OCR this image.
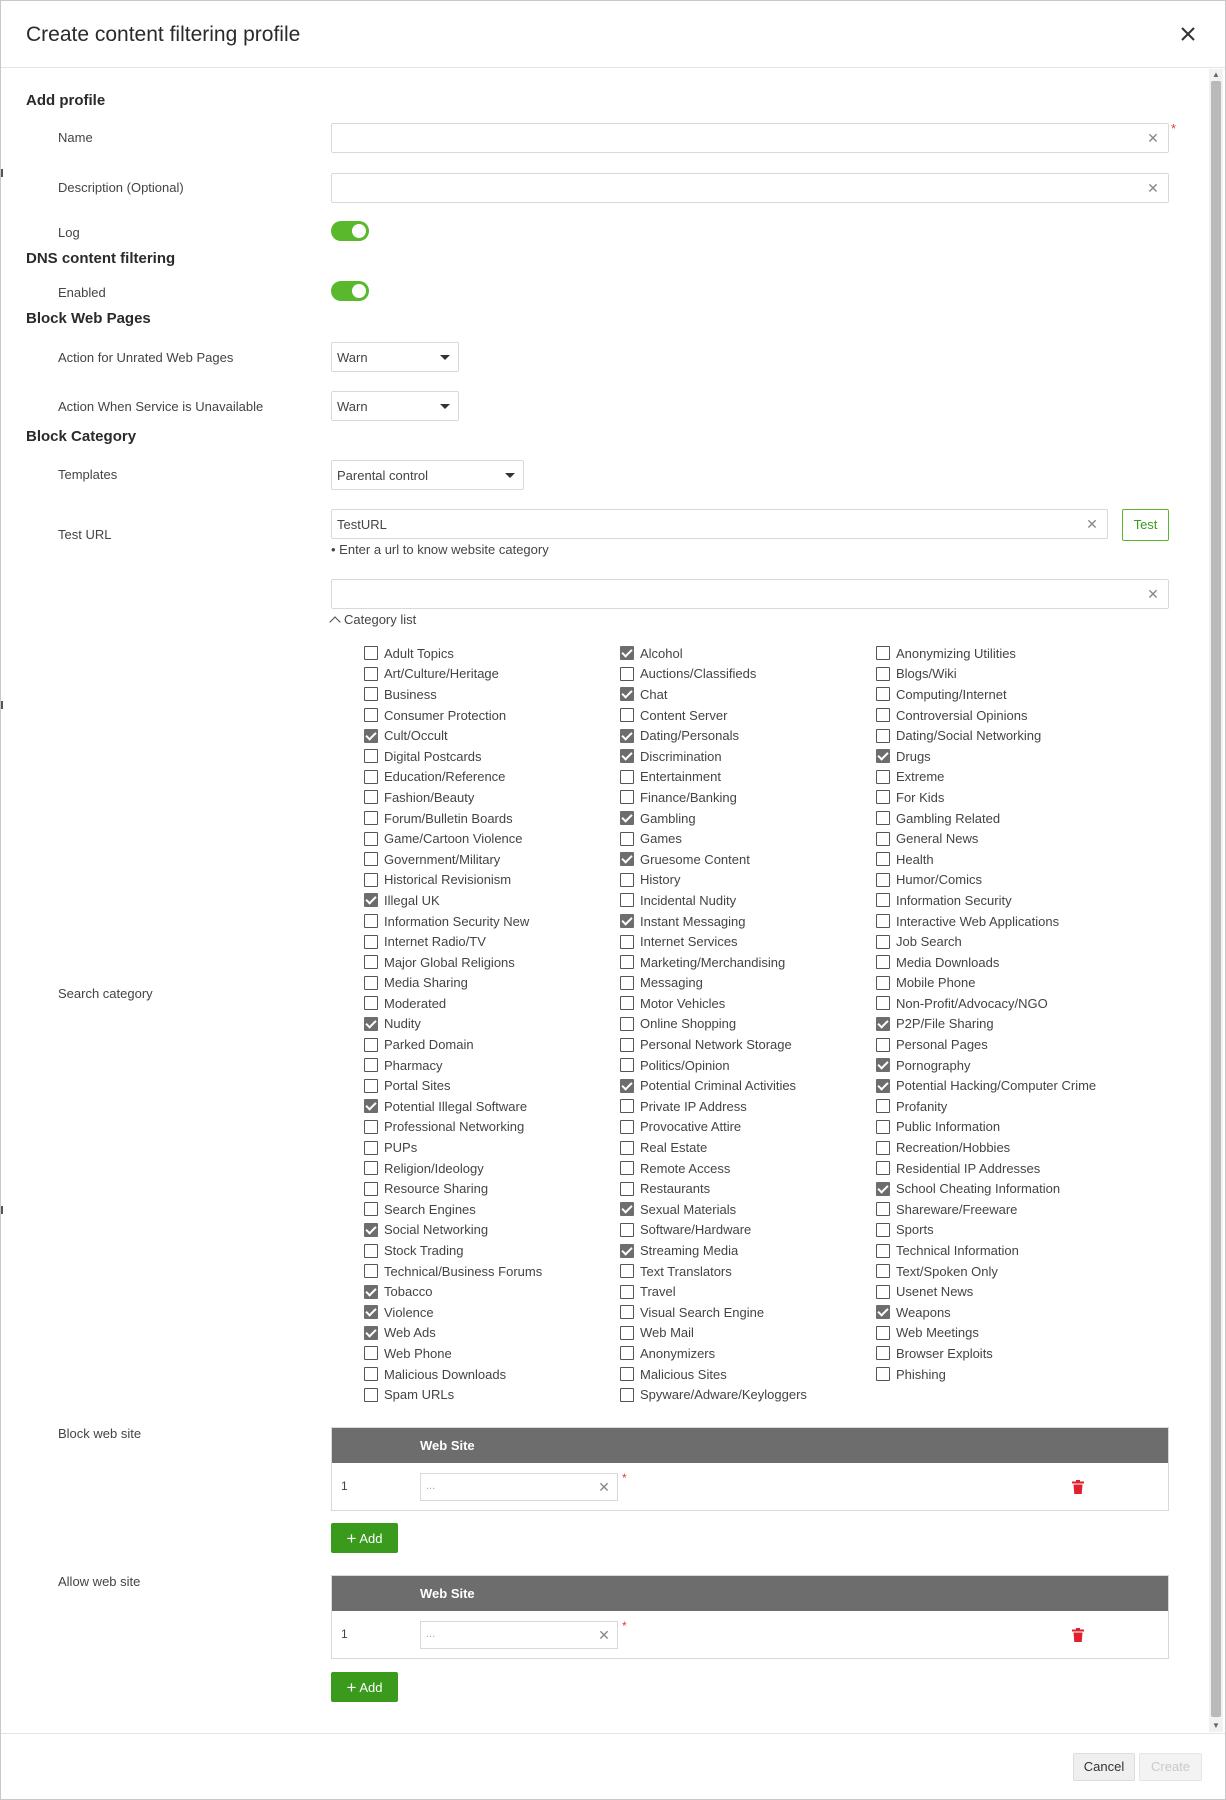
Create content filtering profile
Add profile
Name	✕
*
Description (Optional)	✕
Log
DNS content filtering
Enabled
Block Web Pages
Action for Unrated Web Pages	Warn
Action When Service is Unavailable	Warn
Block Category
Templates	Parental control
Test URL
TestURL	✕	Test
• Enter a url to know website category
✕
Category list
Search category
Adult Topics
Art/Culture/Heritage
Business
Consumer Protection
Cult/Occult
Digital Postcards
Education/Reference
Fashion/Beauty
Forum/Bulletin Boards
Game/Cartoon Violence
Government/Military
Historical Revisionism
Illegal UK
Information Security New
Internet Radio/TV
Major Global Religions
Media Sharing
Moderated
Nudity
Parked Domain
Pharmacy
Portal Sites
Potential Illegal Software
Professional Networking
PUPs
Religion/Ideology
Resource Sharing
Search Engines
Social Networking
Stock Trading
Technical/Business Forums
Tobacco
Violence
Web Ads
Web Phone
Malicious Downloads
Spam URLs
Alcohol
Auctions/Classifieds
Chat
Content Server
Dating/Personals
Discrimination
Entertainment
Finance/Banking
Gambling
Games
Gruesome Content
History
Incidental Nudity
Instant Messaging
Internet Services
Marketing/Merchandising
Messaging
Motor Vehicles
Online Shopping
Personal Network Storage
Politics/Opinion
Potential Criminal Activities
Private IP Address
Provocative Attire
Real Estate
Remote Access
Restaurants
Sexual Materials
Software/Hardware
Streaming Media
Text Translators
Travel
Visual Search Engine
Web Mail
Anonymizers
Malicious Sites
Spyware/Adware/Keyloggers
Anonymizing Utilities
Blogs/Wiki
Computing/Internet
Controversial Opinions
Dating/Social Networking
Drugs
Extreme
For Kids
Gambling Related
General News
Health
Humor/Comics
Information Security
Interactive Web Applications
Job Search
Media Downloads
Mobile Phone
Non-Profit/Advocacy/NGO
P2P/File Sharing
Personal Pages
Pornography
Potential Hacking/Computer Crime
Profanity
Public Information
Recreation/Hobbies
Residential IP Addresses
School Cheating Information
Shareware/Freeware
Sports
Technical Information
Text/Spoken Only
Usenet News
Weapons
Web Meetings
Browser Exploits
Phishing
Block web site
Web Site
1	...	✕
*
+ Add
Allow web site
Web Site
1	...	✕
*
+ Add
▲
▼
Cancel	Create
